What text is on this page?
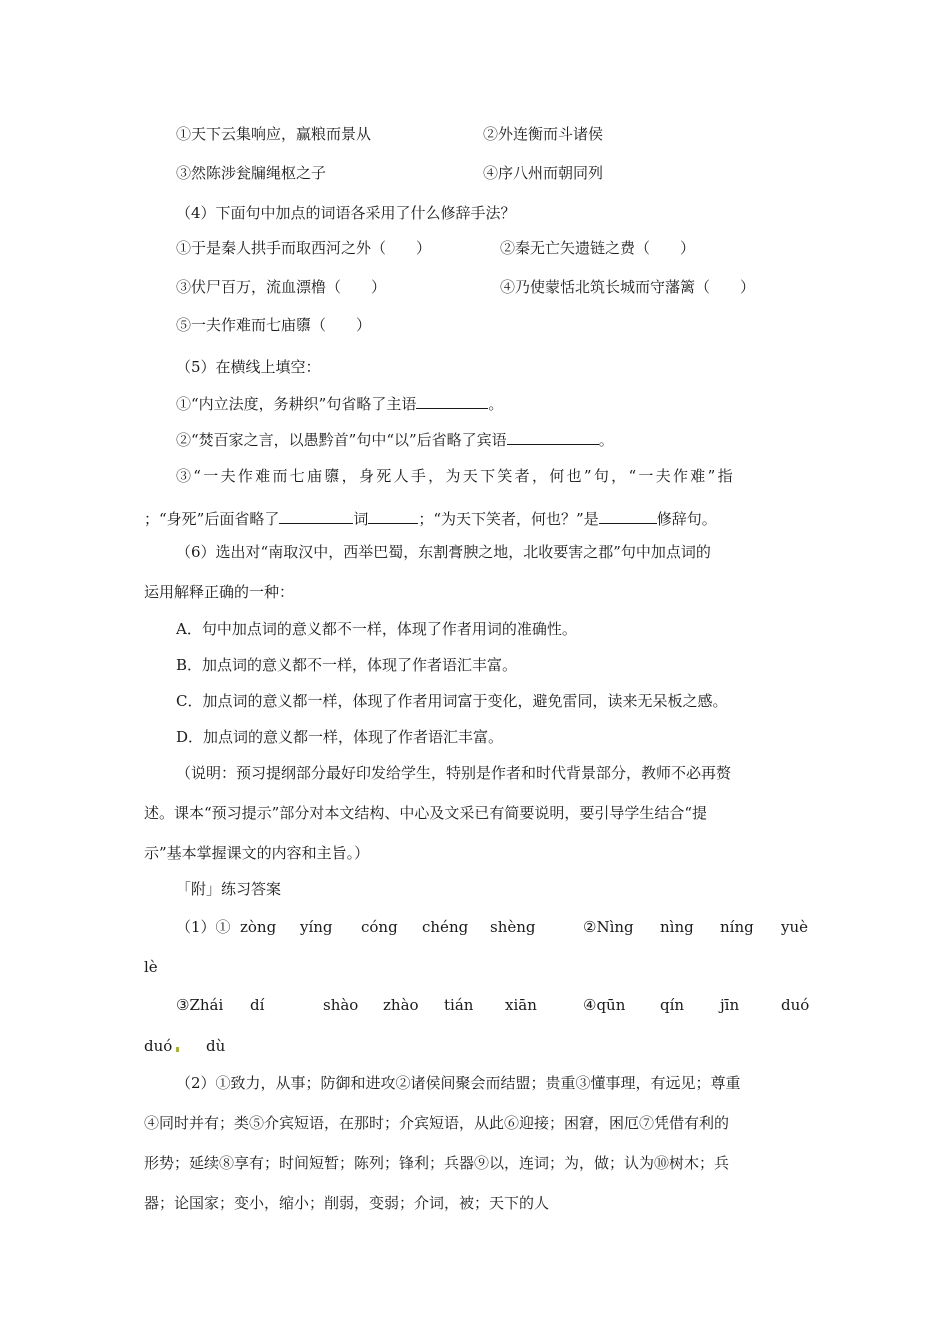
①天下云集响应，赢粮而景从	②外连衡而斗诸侯
③然陈涉瓮牖绳枢之子	④序八州而朝同列
（4）下面句中加点的词语各采用了什么修辞手法？
①于是秦人拱手而取西河之外（　　）	②秦无亡矢遗链之费（　　）
③伏尸百万，流血漂橹（　　）	④乃使蒙恬北筑长城而守藩篱（　　）
⑤一夫作难而七庙隳（　　）
（5）在横线上填空：
①“内立法度，务耕织”句省略了主语	。
②“焚百家之言，以愚黔首”句中“以”后省略了宾语	。
③“一夫作难而七庙隳，身死人手，为天下笑者，何也”句，“一夫作难”指
；“身死”后面省略了	词	；“为天下笑者，何也？”是	修辞句。
（6）选出对“南取汉中，西举巴蜀，东割膏腴之地，北收要害之郡”句中加点词的
运用解释正确的一种：
A．句中加点词的意义都不一样，体现了作者用词的准确性。
B．加点词的意义都不一样，体现了作者语汇丰富。
C．加点词的意义都一样，体现了作者用词富于变化，避免雷同，读来无呆板之感。
D．加点词的意义都一样，体现了作者语汇丰富。
（说明：预习提纲部分最好印发给学生，特别是作者和时代背景部分，教师不必再赘
述。课本“预习提示”部分对本文结构、中心及文采已有简要说明，要引导学生结合“提
示”基本掌握课文的内容和主旨。）
「附」练习答案
（1）① zòng yíng cóng chéng shèng	②Nìng nìng níng yuè
lè
③Zhái dí	shào zhào tián xiān	④qūn qín jīn	duó
duó dù
（2）①致力，从事；防御和进攻②诸侯间聚会而结盟；贵重③懂事理，有远见；尊重
④同时并有；类⑤介宾短语，在那时；介宾短语，从此⑥迎接；困窘，困厄⑦凭借有利的
形势；延续⑧享有；时间短暂；陈列；锋利；兵器⑨以，连词；为，做；认为⑩树木；兵
器；论国家；变小，缩小；削弱，变弱；介词，被；天下的人
